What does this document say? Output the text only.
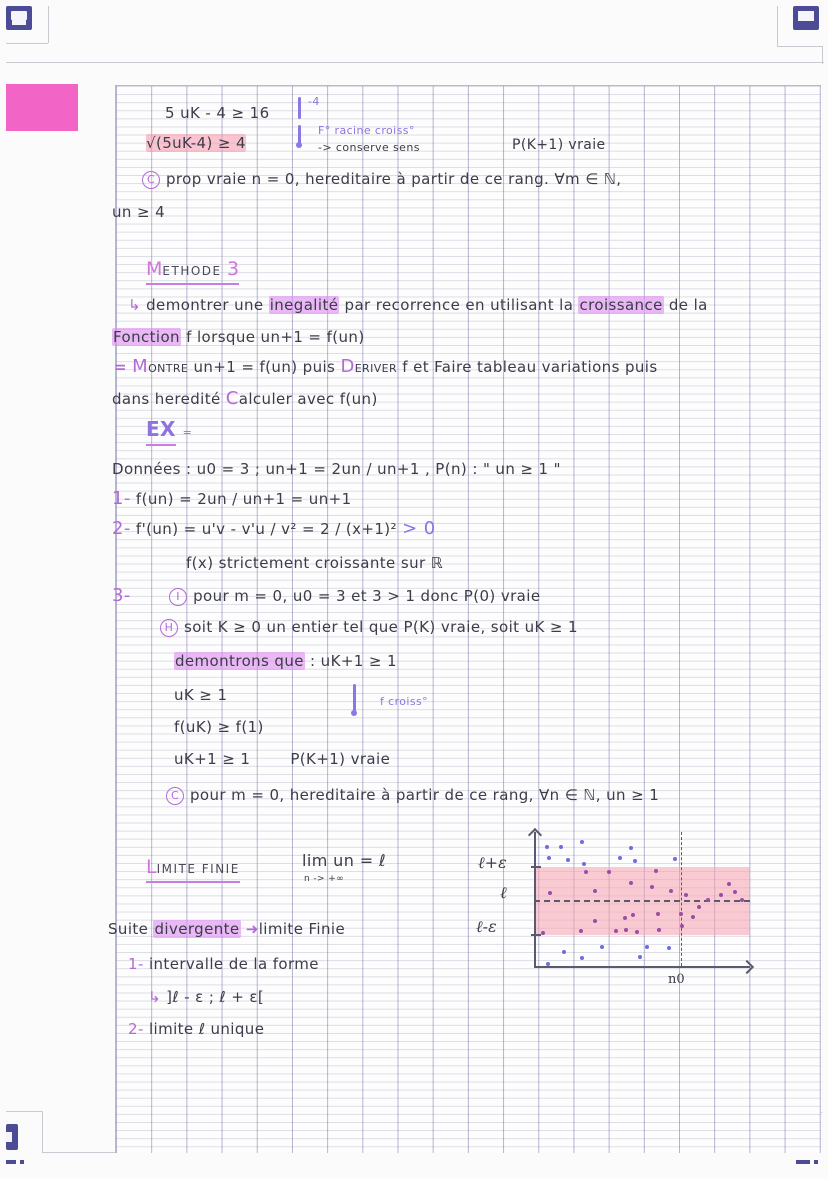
5 uK - 4 ≥ 16
-4
√(5uK-4) ≥ 4
F° racine croiss°
-> conserve sens	P(K+1) vraie
C prop vraie n = 0, hereditaire à partir de ce rang. ∀m ∈ ℕ,
un ≥ 4
METHODE 3
↳ demontrer une inegalité par recorrence en utilisant la croissance de la
Fonction f lorsque un+1 = f(un)
= MONTRE un+1 = f(un) puis DERIVER f et Faire tableau variations puis
dans heredité Calculer avec f(un)
EX =
Données : u0 = 3 ; un+1 = 2un / un+1 , P(n) : " un ≥ 1 "
1- f(un) = 2un / un+1 = un+1
2- f'(un) = u'v - v'u / v² = 2 / (x+1)² > 0
f(x) strictement croissante sur ℝ
3-	I pour m = 0, u0 = 3 et 3 > 1 donc P(0) vraie
H soit K ≥ 0 un entier tel que P(K) vraie, soit uK ≥ 1
demontrons que : uK+1 ≥ 1
uK ≥ 1	f croiss°
f(uK) ≥ f(1)
uK+1 ≥ 1	P(K+1) vraie
C pour m = 0, hereditaire à partir de ce rang, ∀n ∈ ℕ, un ≥ 1
LIMITE FINIE	lim un = ℓ
n -> +∞
Suite divergente ➜limite Finie
1- intervalle de la forme
↳ ]ℓ - ε ; ℓ + ε[
2- limite ℓ unique
ℓ+ε
ℓ
ℓ-ε
n0
